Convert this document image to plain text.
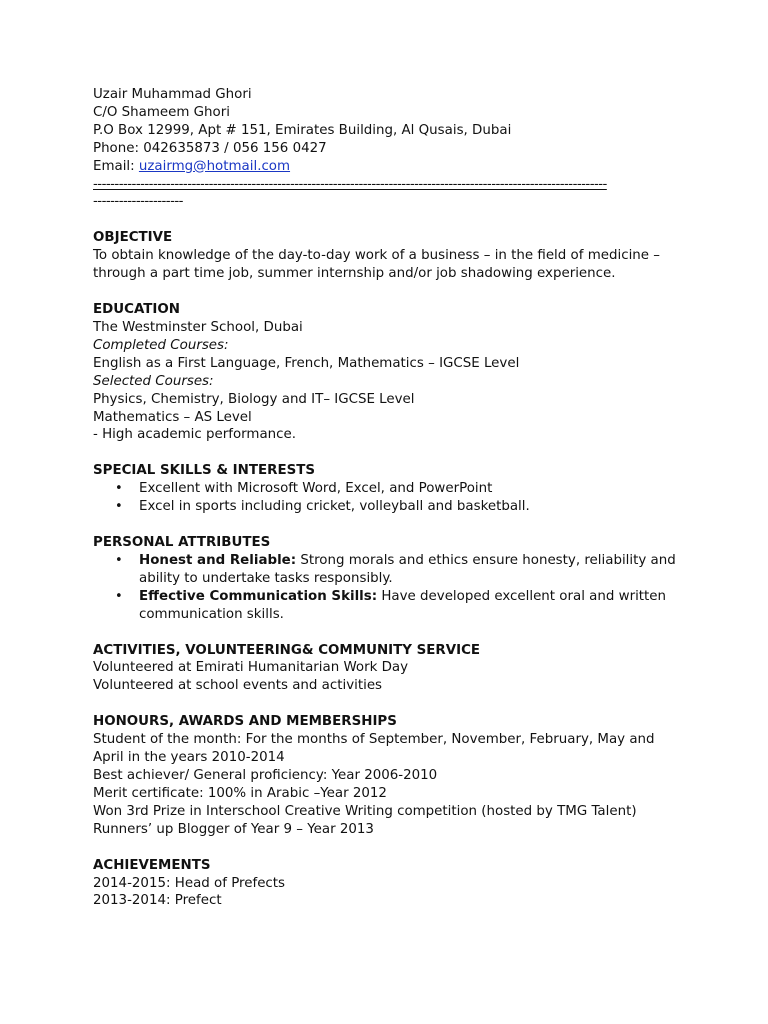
Uzair Muhammad Ghori
C/O Shameem Ghori
P.O Box 12999, Apt # 151, Emirates Building, Al Qusais, Dubai
Phone: 042635873 / 056 156 0427
Email: uzairmg@hotmail.com
------------------------------------------------------------------------------------------------------------------------
---------------------
OBJECTIVE
To obtain knowledge of the day-to-day work of a business – in the field of medicine – through a part time job, summer internship and/or job shadowing experience.
EDUCATION
The Westminster School, Dubai
Completed Courses:
English as a First Language, French, Mathematics – IGCSE Level
Selected Courses:
Physics, Chemistry, Biology and IT– IGCSE Level
Mathematics – AS Level
- High academic performance.
SPECIAL SKILLS & INTERESTS
• Excellent with Microsoft Word, Excel, and PowerPoint
• Excel in sports including cricket, volleyball and basketball.
PERSONAL ATTRIBUTES
• Honest and Reliable: Strong morals and ethics ensure honesty, reliability and ability to undertake tasks responsibly.
• Effective Communication Skills: Have developed excellent oral and written communication skills.
ACTIVITIES, VOLUNTEERING& COMMUNITY SERVICE
Volunteered at Emirati Humanitarian Work Day
Volunteered at school events and activities
HONOURS, AWARDS AND MEMBERSHIPS
Student of the month: For the months of September, November, February, May and April in the years 2010-2014
Best achiever/ General proficiency: Year 2006-2010
Merit certificate: 100% in Arabic –Year 2012
Won 3rd Prize in Interschool Creative Writing competition (hosted by TMG Talent)
Runners’ up Blogger of Year 9 – Year 2013
ACHIEVEMENTS
2014-2015: Head of Prefects
2013-2014: Prefect
